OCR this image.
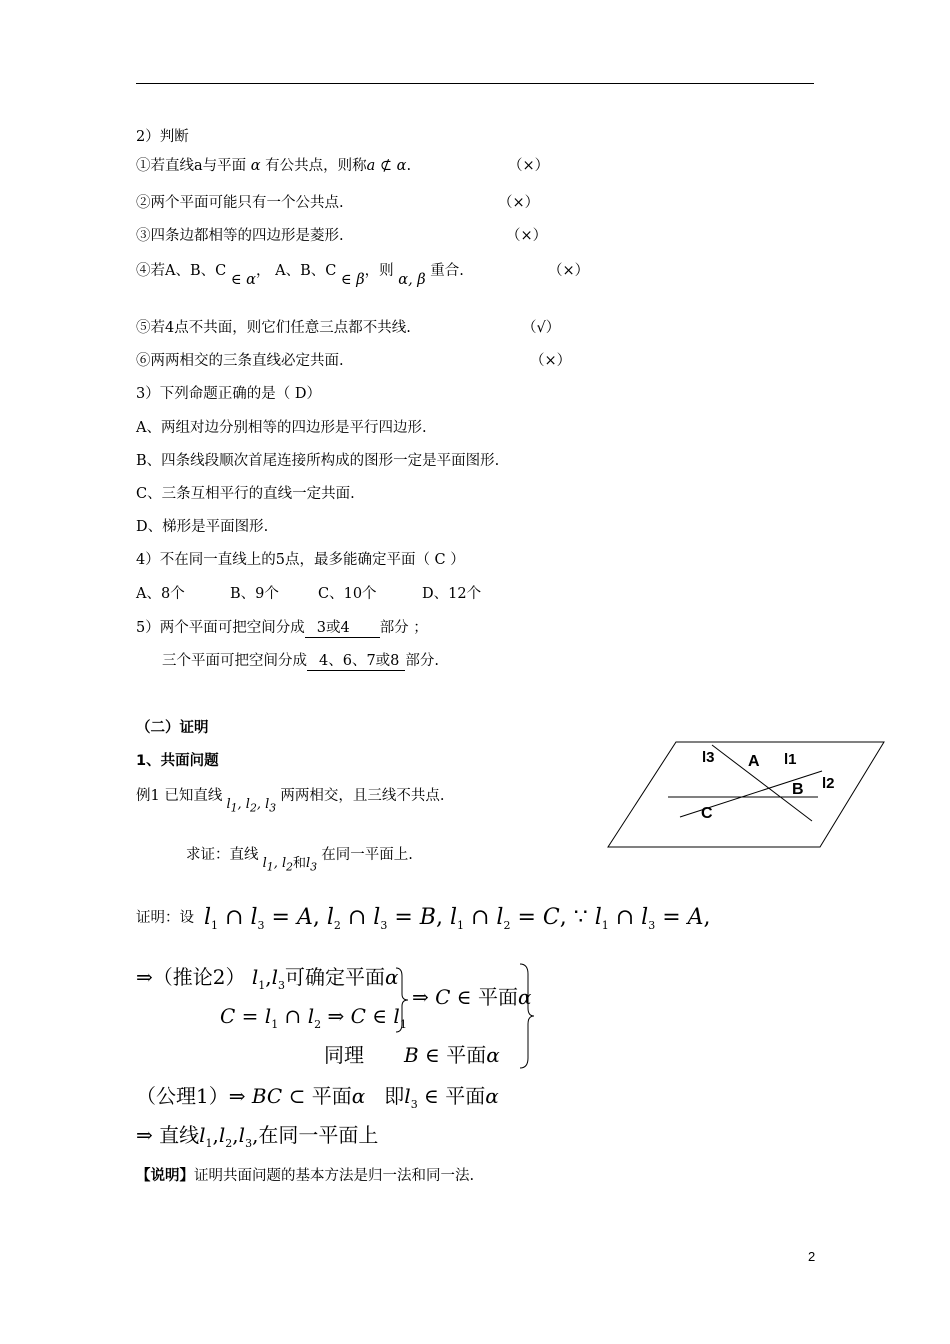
2）判断
①若直线a与平面 α 有公共点，则称a ⊄ α.	（×）
②两个平面可能只有一个公共点.	（×）
③四条边都相等的四边形是菱形.	（×）
④若A、B、C ∈ α， A、B、C ∈ β，则 α, β 重合.	（×）
⑤若4点不共面，则它们任意三点都不共线.	（√）
⑥两两相交的三条直线必定共面.	（×）
3）下列命题正确的是（ D）
A、两组对边分别相等的四边形是平行四边形.
B、四条线段顺次首尾连接所构成的图形一定是平面图形.
C、三条互相平行的直线一定共面.
D、梯形是平面图形.
4）不在同一直线上的5点，最多能确定平面（ C ）
A、8个	B、9个	C、10个	D、12个
5）两个平面可把空间分成 3或4 部分 ；
三个平面可把空间分成 4、6、7或8 部分.
（二）证明
1、共面问题
例1 已知直线 $l_1$, $l_2$, $l_3$ 两两相交，且三线不共点.
求证：直线 $l_1$, $l_2$和$l_3$ 在同一平面上.
l3 A l1
B l2
C
证明：设 $l_1$ ∩ $l_3 = A$, $l_2$ ∩ $l_3 = B$, $l_1$ ∩ $l_2 = C$, ∵ $l_1$ ∩ $l_3 = A$,
⇒（推论2） $l_1,l_3$可确定平面α
$C = l_1$ ∩ $l_2$ ⇒ C ∈ $l_1$
⇒ C ∈ 平面α
同理 B ∈ 平面α
（公理1）⇒ BC ⊂ 平面α 即$l_3$ ∈ 平面α
⇒ 直线$l_1,l_2,l_3$,在同一平面上
【说明】证明共面问题的基本方法是归一法和同一法.
2
